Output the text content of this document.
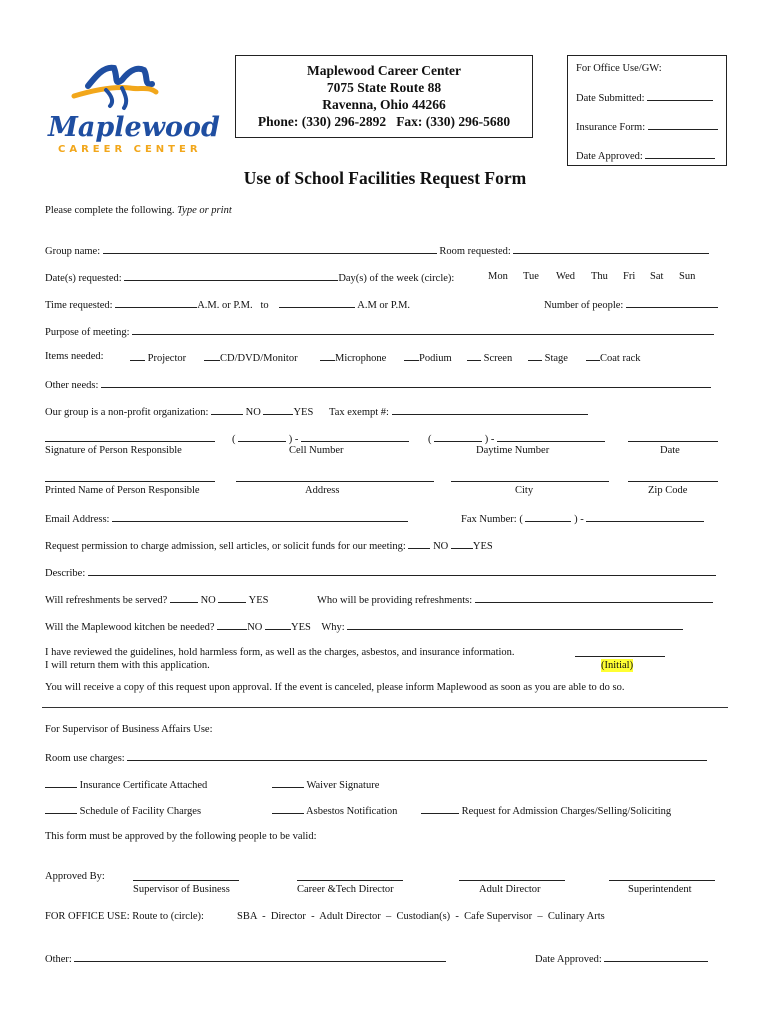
Maplewood
CAREER CENTER
Maplewood Career Center
7075 State Route 88
Ravenna, Ohio 44266
Phone: (330) 296-2892   Fax: (330) 296-5680
For Office Use/GW:
Date Submitted:
Insurance Form:
Date Approved:
Use of School Facilities Request Form
Please complete the following. Type or print
Group name:	Room requested:
Date(s) requested:	Day(s) of the week (circle):	Mon Tue Wed Thu Fri Sat Sun
Time requested:	A.M. or P.M. to	A.M or P.M.	Number of people:
Purpose of meeting:
Items needed:	Projector	CD/DVD/Monitor	Microphone	Podium	Screen	Stage	Coat rack
Other needs:
Our group is a non-profit organization:	NO	YES Tax exempt #:
(	) -	(	) -
Signature of Person Responsible	Cell Number	Daytime Number	Date
Printed Name of Person Responsible	Address	City	Zip Code
Email Address:	Fax Number: (	) -
Request permission to charge admission, sell articles, or solicit funds for our meeting:	NO YES
Describe:
Will refreshments be served?	NO	YES	Who will be providing refreshments:
Will the Maplewood kitchen be needed?	NO	YES Why:
I have reviewed the guidelines, hold harmless form, as well as the charges, asbestos, and insurance information.
I will return them with this application.	(Initial)
You will receive a copy of this request upon approval. If the event is canceled, please inform Maplewood as soon as you are able to do so.
For Supervisor of Business Affairs Use:
Room use charges:
Insurance Certificate Attached	Waiver Signature
Schedule of Facility Charges	Asbestos Notification	Request for Admission Charges/Selling/Soliciting
This form must be approved by the following people to be valid:
Approved By:
Supervisor of Business	Career &Tech Director	Adult Director	Superintendent
FOR OFFICE USE: Route to (circle):	SBA  -  Director  -  Adult Director  –  Custodian(s)  -  Cafe Supervisor  –  Culinary Arts
Other:	Date Approved:
